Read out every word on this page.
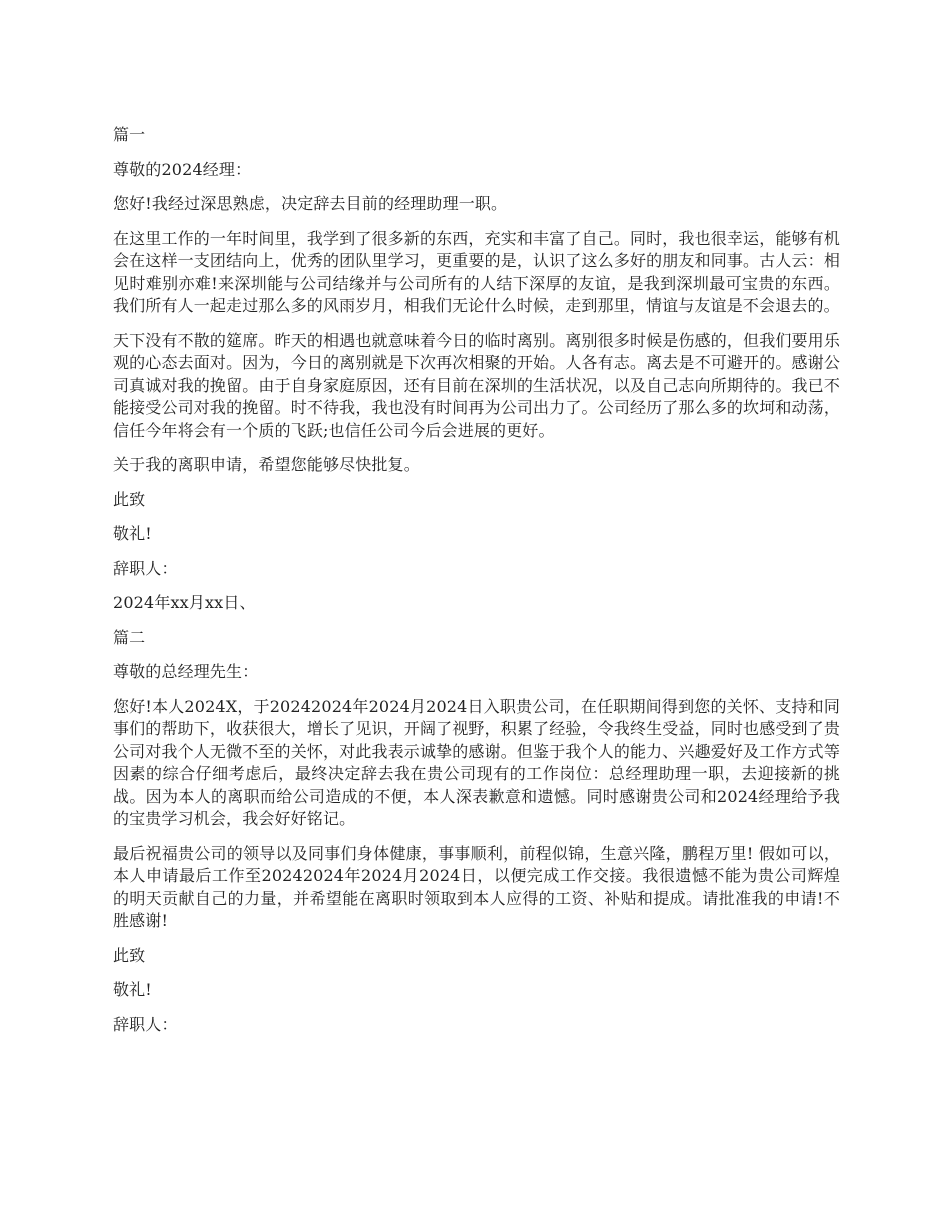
篇一

尊敬的2024经理：

您好!我经过深思熟虑，决定辞去目前的经理助理一职。

在这里工作的一年时间里，我学到了很多新的东西，充实和丰富了自己。同时，我也很幸运，能够有机会在这样一支团结向上，优秀的团队里学习，更重要的是，认识了这么多好的朋友和同事。古人云：相见时难别亦难!来深圳能与公司结缘并与公司所有的人结下深厚的友谊，是我到深圳最可宝贵的东西。我们所有人一起走过那么多的风雨岁月，相我们无论什么时候，走到那里，情谊与友谊是不会退去的。

天下没有不散的筵席。昨天的相遇也就意味着今日的临时离别。离别很多时候是伤感的，但我们要用乐观的心态去面对。因为，今日的离别就是下次再次相聚的开始。人各有志。离去是不可避开的。感谢公司真诚对我的挽留。由于自身家庭原因，还有目前在深圳的生活状况，以及自己志向所期待的。我已不能接受公司对我的挽留。时不待我，我也没有时间再为公司出力了。公司经历了那么多的坎坷和动荡，信任今年将会有一个质的飞跃;也信任公司今后会进展的更好。

关于我的离职申请，希望您能够尽快批复。

此致

敬礼!

辞职人：

2024年xx月xx日、

篇二

尊敬的总经理先生：

您好!本人2024X，于20242024年2024月2024日入职贵公司，在任职期间得到您的关怀、支持和同事们的帮助下，收获很大，增长了见识，开阔了视野，积累了经验，令我终生受益，同时也感受到了贵公司对我个人无微不至的关怀，对此我表示诚挚的感谢。但鉴于我个人的能力、兴趣爱好及工作方式等因素的综合仔细考虑后，最终决定辞去我在贵公司现有的工作岗位：总经理助理一职，去迎接新的挑战。因为本人的离职而给公司造成的不便，本人深表歉意和遗憾。同时感谢贵公司和2024经理给予我的宝贵学习机会，我会好好铭记。

最后祝福贵公司的领导以及同事们身体健康，事事顺利，前程似锦，生意兴隆，鹏程万里! 假如可以，本人申请最后工作至20242024年2024月2024日，以便完成工作交接。我很遗憾不能为贵公司辉煌的明天贡献自己的力量，并希望能在离职时领取到本人应得的工资、补贴和提成。请批准我的申请!不胜感谢!

此致

敬礼!

辞职人：
